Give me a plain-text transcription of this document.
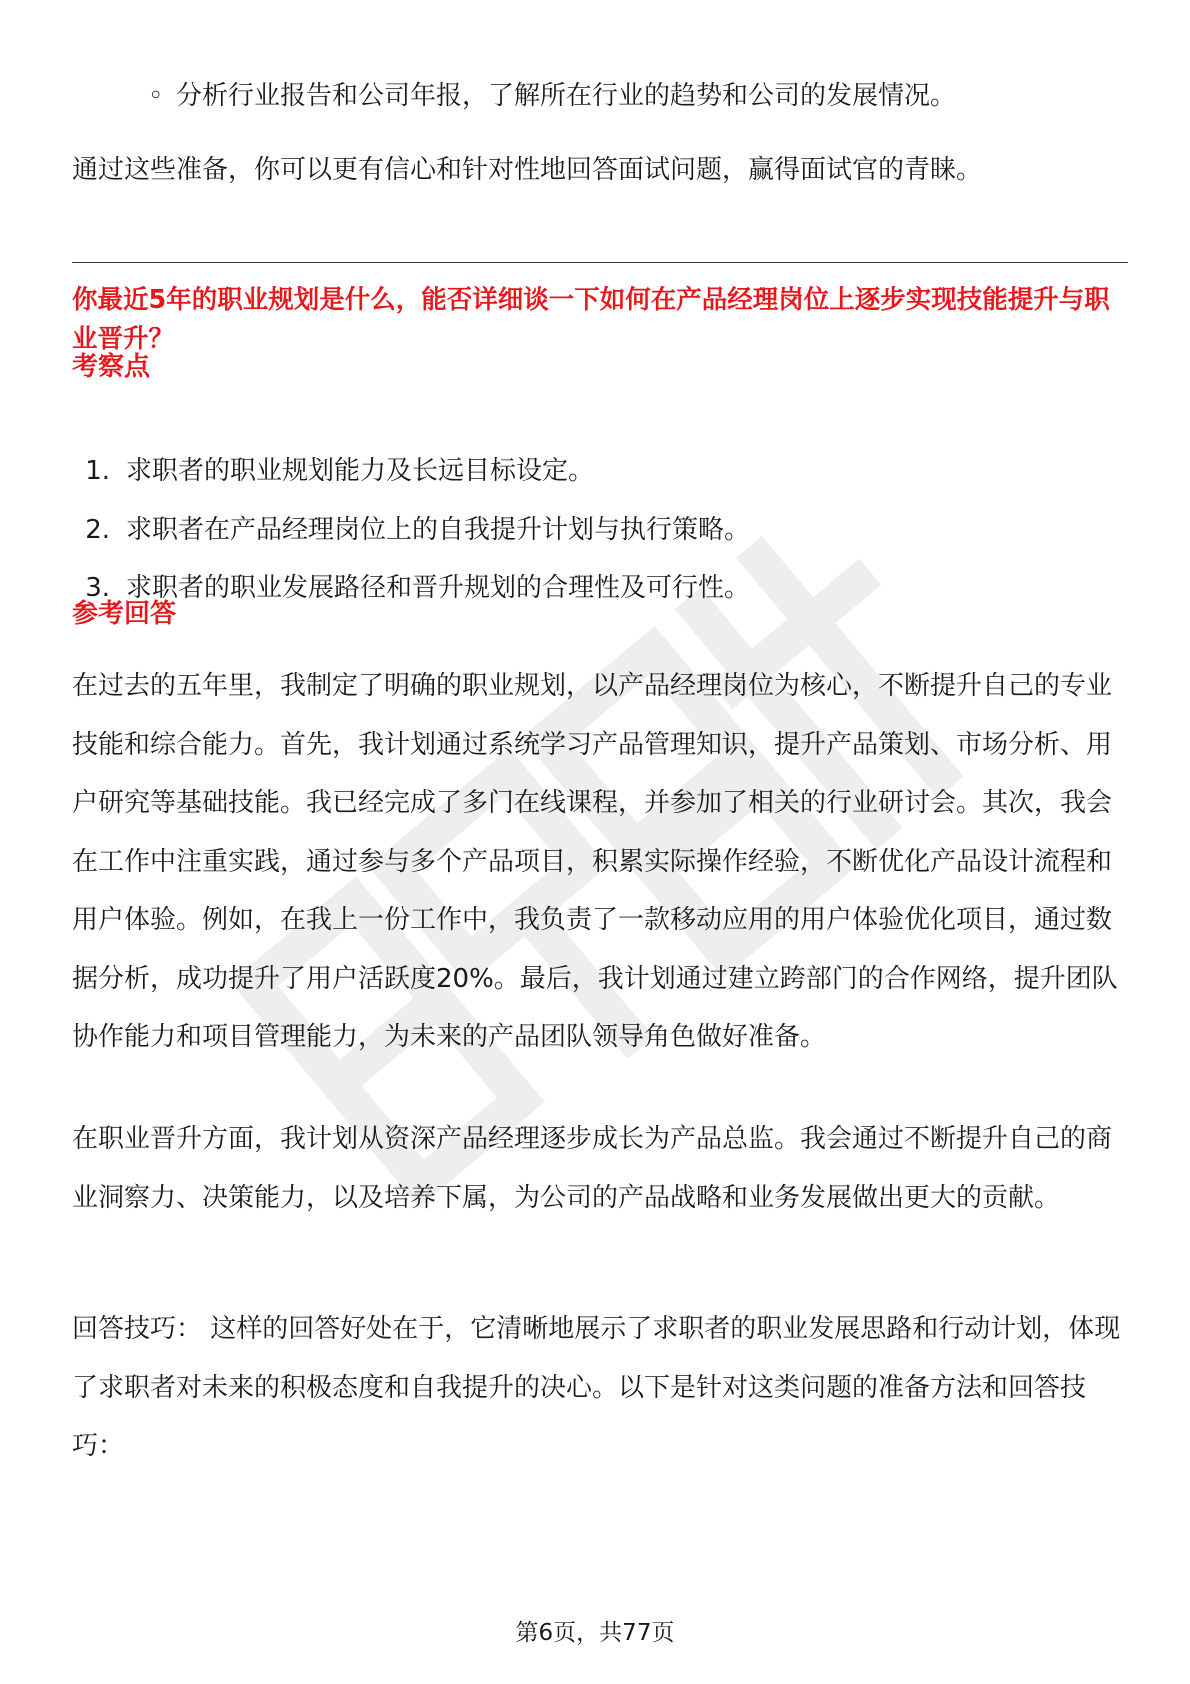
◦ 分析行业报告和公司年报，了解所在行业的趋势和公司的发展情况。

通过这些准备，你可以更有信心和针对性地回答面试问题，赢得面试官的青睐。

你最近5年的职业规划是什么，能否详细谈一下如何在产品经理岗位上逐步实现技能提升与职业晋升？
考察点
1. 求职者的职业规划能力及长远目标设定。
2. 求职者在产品经理岗位上的自我提升计划与执行策略。
3. 求职者的职业发展路径和晋升规划的合理性及可行性。
参考回答

在过去的五年里，我制定了明确的职业规划，以产品经理岗位为核心，不断提升自己的专业技能和综合能力。首先，我计划通过系统学习产品管理知识，提升产品策划、市场分析、用户研究等基础技能。我已经完成了多门在线课程，并参加了相关的行业研讨会。其次，我会在工作中注重实践，通过参与多个产品项目，积累实际操作经验，不断优化产品设计流程和用户体验。例如，在我上一份工作中，我负责了一款移动应用的用户体验优化项目，通过数据分析，成功提升了用户活跃度20%。最后，我计划通过建立跨部门的合作网络，提升团队协作能力和项目管理能力，为未来的产品团队领导角色做好准备。

在职业晋升方面，我计划从资深产品经理逐步成长为产品总监。我会通过不断提升自己的商业洞察力、决策能力，以及培养下属，为公司的产品战略和业务发展做出更大的贡献。

回答技巧： 这样的回答好处在于，它清晰地展示了求职者的职业发展思路和行动计划，体现了求职者对未来的积极态度和自我提升的决心。以下是针对这类问题的准备方法和回答技巧：

第6页，共77页
